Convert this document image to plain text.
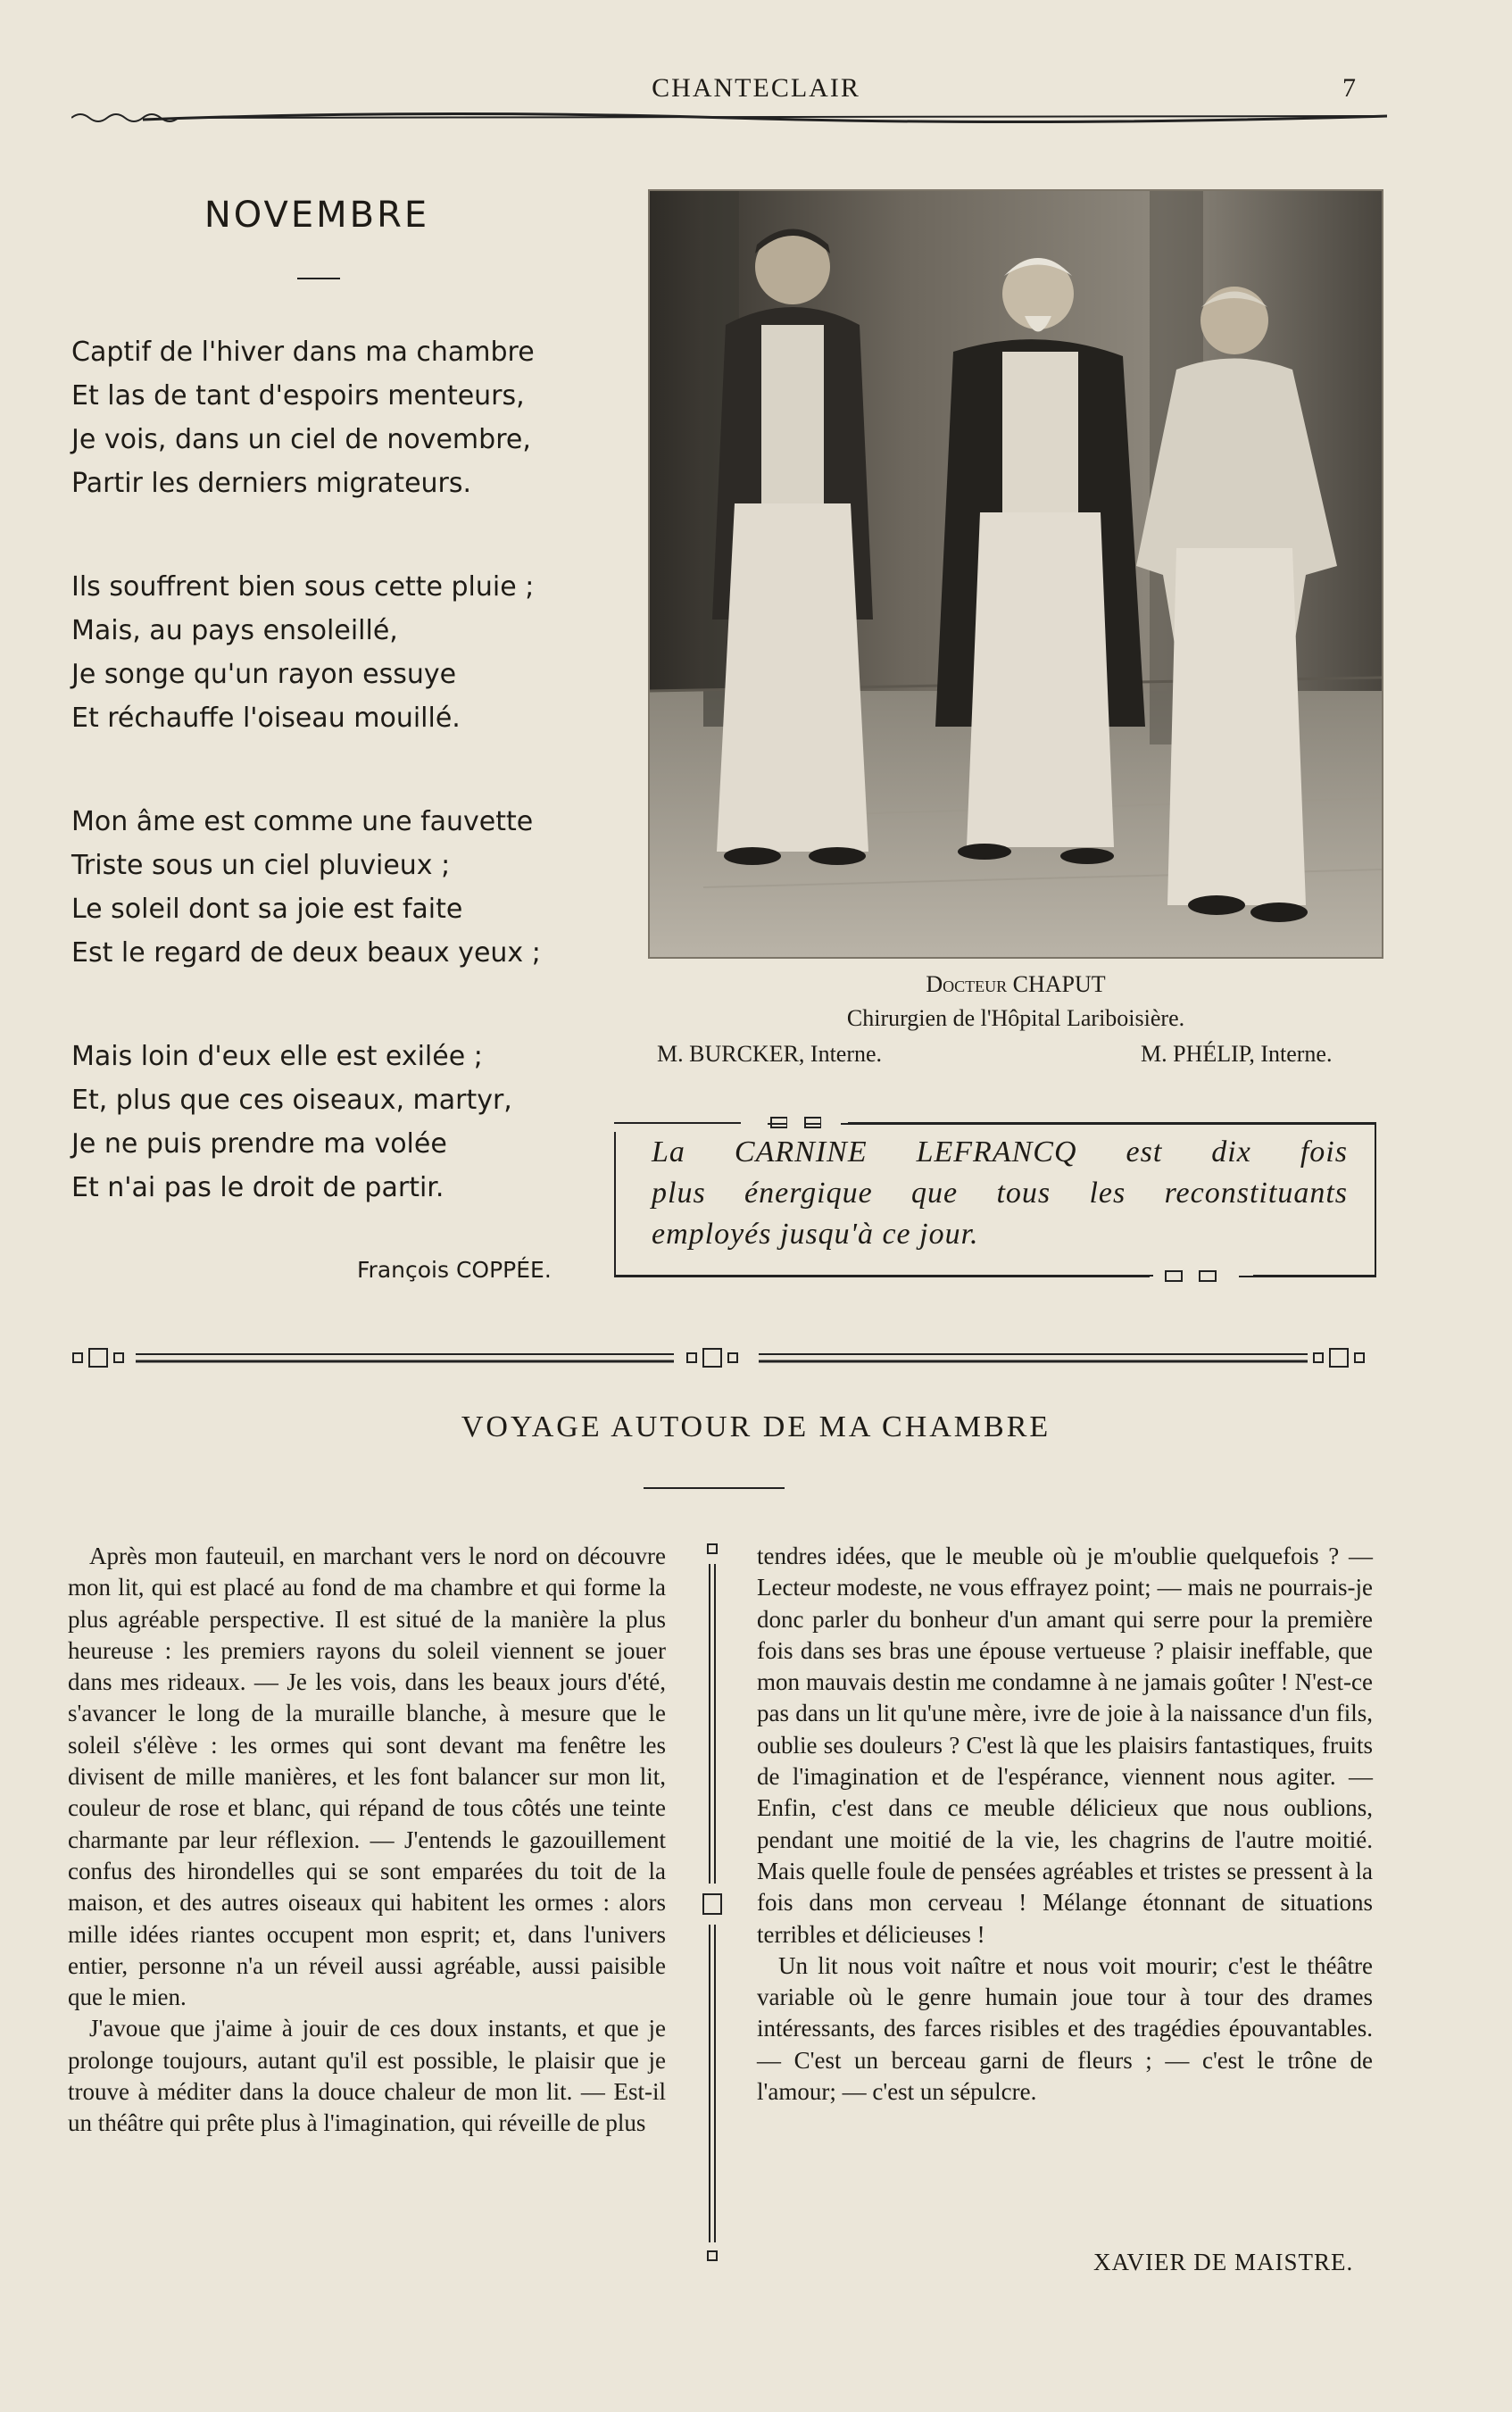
CHANTECLAIR	7
NOVEMBRE
Captif de l'hiver dans ma chambre
Et las de tant d'espoirs menteurs,
Je vois, dans un ciel de novembre,
Partir les derniers migrateurs.
Ils souffrent bien sous cette pluie ;
Mais, au pays ensoleillé,
Je songe qu'un rayon essuye
Et réchauffe l'oiseau mouillé.
Mon âme est comme une fauvette
Triste sous un ciel pluvieux ;
Le soleil dont sa joie est faite
Est le regard de deux beaux yeux ;
Mais loin d'eux elle est exilée ;
Et, plus que ces oiseaux, martyr,
Je ne puis prendre ma volée
Et n'ai pas le droit de partir.
François COPPÉE.
Docteur CHAPUT
Chirurgien de l'Hôpital Lariboisière.
M. BURCKER, Interne.	M. PHÉLIP, Interne.
La CARNINE LEFRANCQ est dix fois
plus énergique que tous les reconstituants
employés jusqu'à ce jour.
VOYAGE AUTOUR DE MA CHAMBRE

Après mon fauteuil, en marchant vers le nord on découvre mon lit, qui est placé au fond de ma chambre et qui forme la plus agréable perspective. Il est situé de la manière la plus heureuse : les premiers rayons du soleil viennent se jouer dans mes rideaux. — Je les vois, dans les beaux jours d'été, s'avancer le long de la muraille blanche, à mesure que le soleil s'élève : les ormes qui sont devant ma fenêtre les divisent de mille manières, et les font balancer sur mon lit, couleur de rose et blanc, qui répand de tous côtés une teinte charmante par leur réflexion. — J'entends le gazouillement confus des hirondelles qui se sont emparées du toit de la maison, et des autres oiseaux qui habitent les ormes : alors mille idées riantes occupent mon esprit; et, dans l'univers entier, personne n'a un réveil aussi agréable, aussi paisible que le mien.

J'avoue que j'aime à jouir de ces doux instants, et que je prolonge toujours, autant qu'il est possible, le plaisir que je trouve à méditer dans la douce chaleur de mon lit. — Est-il un théâtre qui prête plus à l'imagination, qui réveille de plus

tendres idées, que le meuble où je m'oublie quelquefois ? — Lecteur modeste, ne vous effrayez point; — mais ne pourrais-je donc parler du bonheur d'un amant qui serre pour la première fois dans ses bras une épouse vertueuse ? plaisir ineffable, que mon mauvais destin me condamne à ne jamais goûter ! N'est-ce pas dans un lit qu'une mère, ivre de joie à la naissance d'un fils, oublie ses douleurs ? C'est là que les plaisirs fantastiques, fruits de l'imagination et de l'espérance, viennent nous agiter. — Enfin, c'est dans ce meuble délicieux que nous oublions, pendant une moitié de la vie, les chagrins de l'autre moitié. Mais quelle foule de pensées agréables et tristes se pressent à la fois dans mon cerveau ! Mélange étonnant de situations terribles et délicieuses !

Un lit nous voit naître et nous voit mourir; c'est le théâtre variable où le genre humain joue tour à tour des drames intéressants, des farces risibles et des tragédies épouvantables. — C'est un berceau garni de fleurs ; — c'est le trône de l'amour; — c'est un sépulcre.

XAVIER DE MAISTRE.
